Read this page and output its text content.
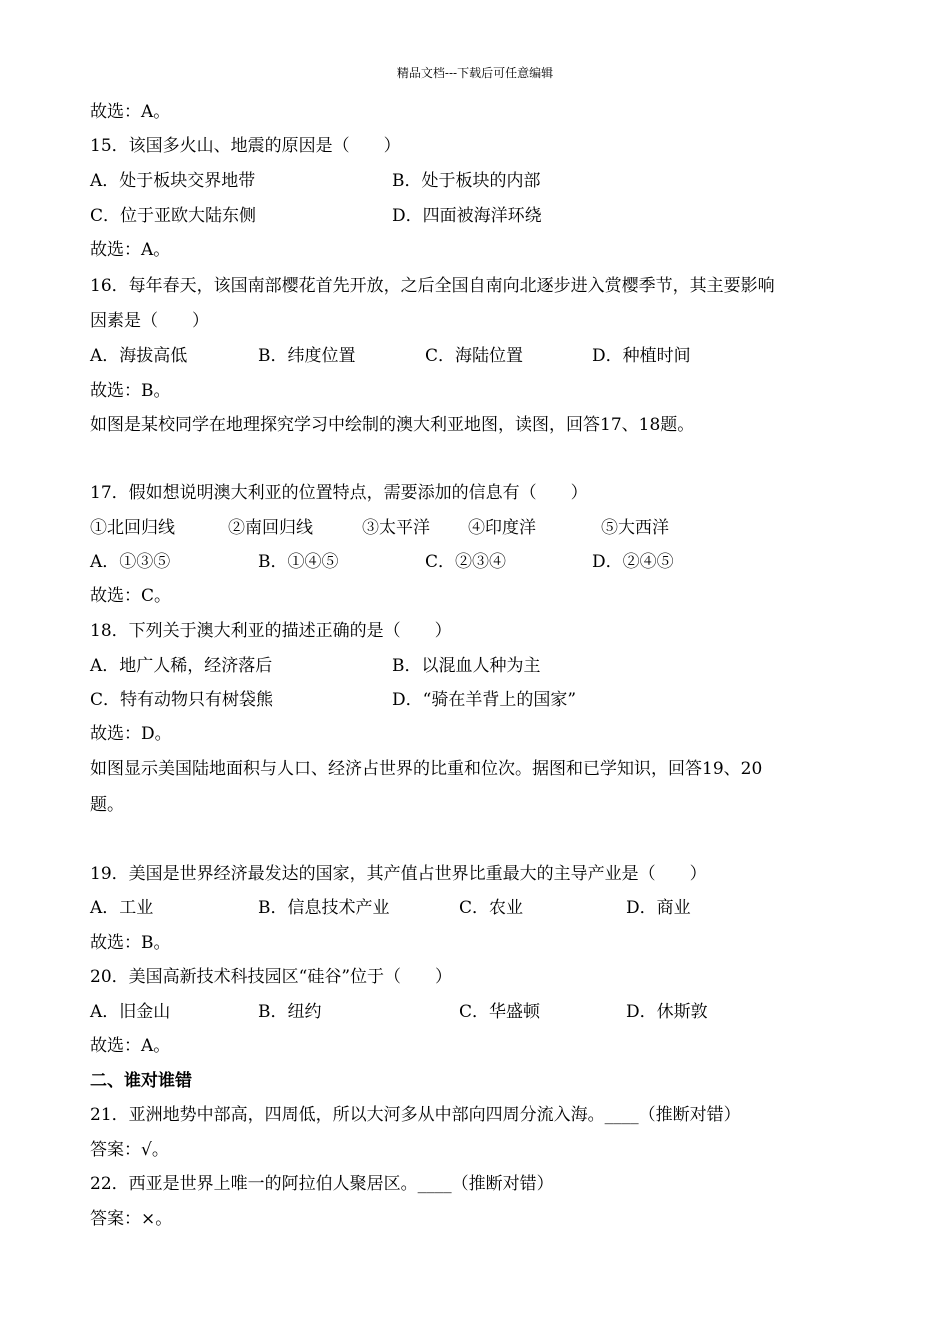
精品文档---下载后可任意编辑
故选：A。
15．该国多火山、地震的原因是（　　）
A．处于板块交界地带	B．处于板块的内部
C．位于亚欧大陆东侧	D．四面被海洋环绕
故选：A。
16．每年春天，该国南部樱花首先开放，之后全国自南向北逐步进入赏樱季节，其主要影响
因素是（　　）
A．海拔高低	B．纬度位置	C．海陆位置	D．种植时间
故选：B。
如图是某校同学在地理探究学习中绘制的澳大利亚地图，读图，回答17、18题。
17．假如想说明澳大利亚的位置特点，需要添加的信息有（　　）
①北回归线	②南回归线	③太平洋 ④印度洋	⑤大西洋
A．①③⑤	B．①④⑤	C．②③④	D．②④⑤
故选：C。
18．下列关于澳大利亚的描述正确的是（　　）
A．地广人稀，经济落后	B．以混血人种为主
C．特有动物只有树袋熊	D．“骑在羊背上的国家”
故选：D。
如图显示美国陆地面积与人口、经济占世界的比重和位次。据图和已学知识，回答19、20
题。
19．美国是世界经济最发达的国家，其产值占世界比重最大的主导产业是（　　）
A．工业	B．信息技术产业	C．农业	D．商业
故选：B。
20．美国高新技术科技园区“硅谷”位于（　　）
A．旧金山	B．纽约	C．华盛顿	D．休斯敦
故选：A。
二、谁对谁错
21．亚洲地势中部高，四周低，所以大河多从中部向四周分流入海。____（推断对错）
答案：√。
22．西亚是世界上唯一的阿拉伯人聚居区。____（推断对错）
答案：×。
